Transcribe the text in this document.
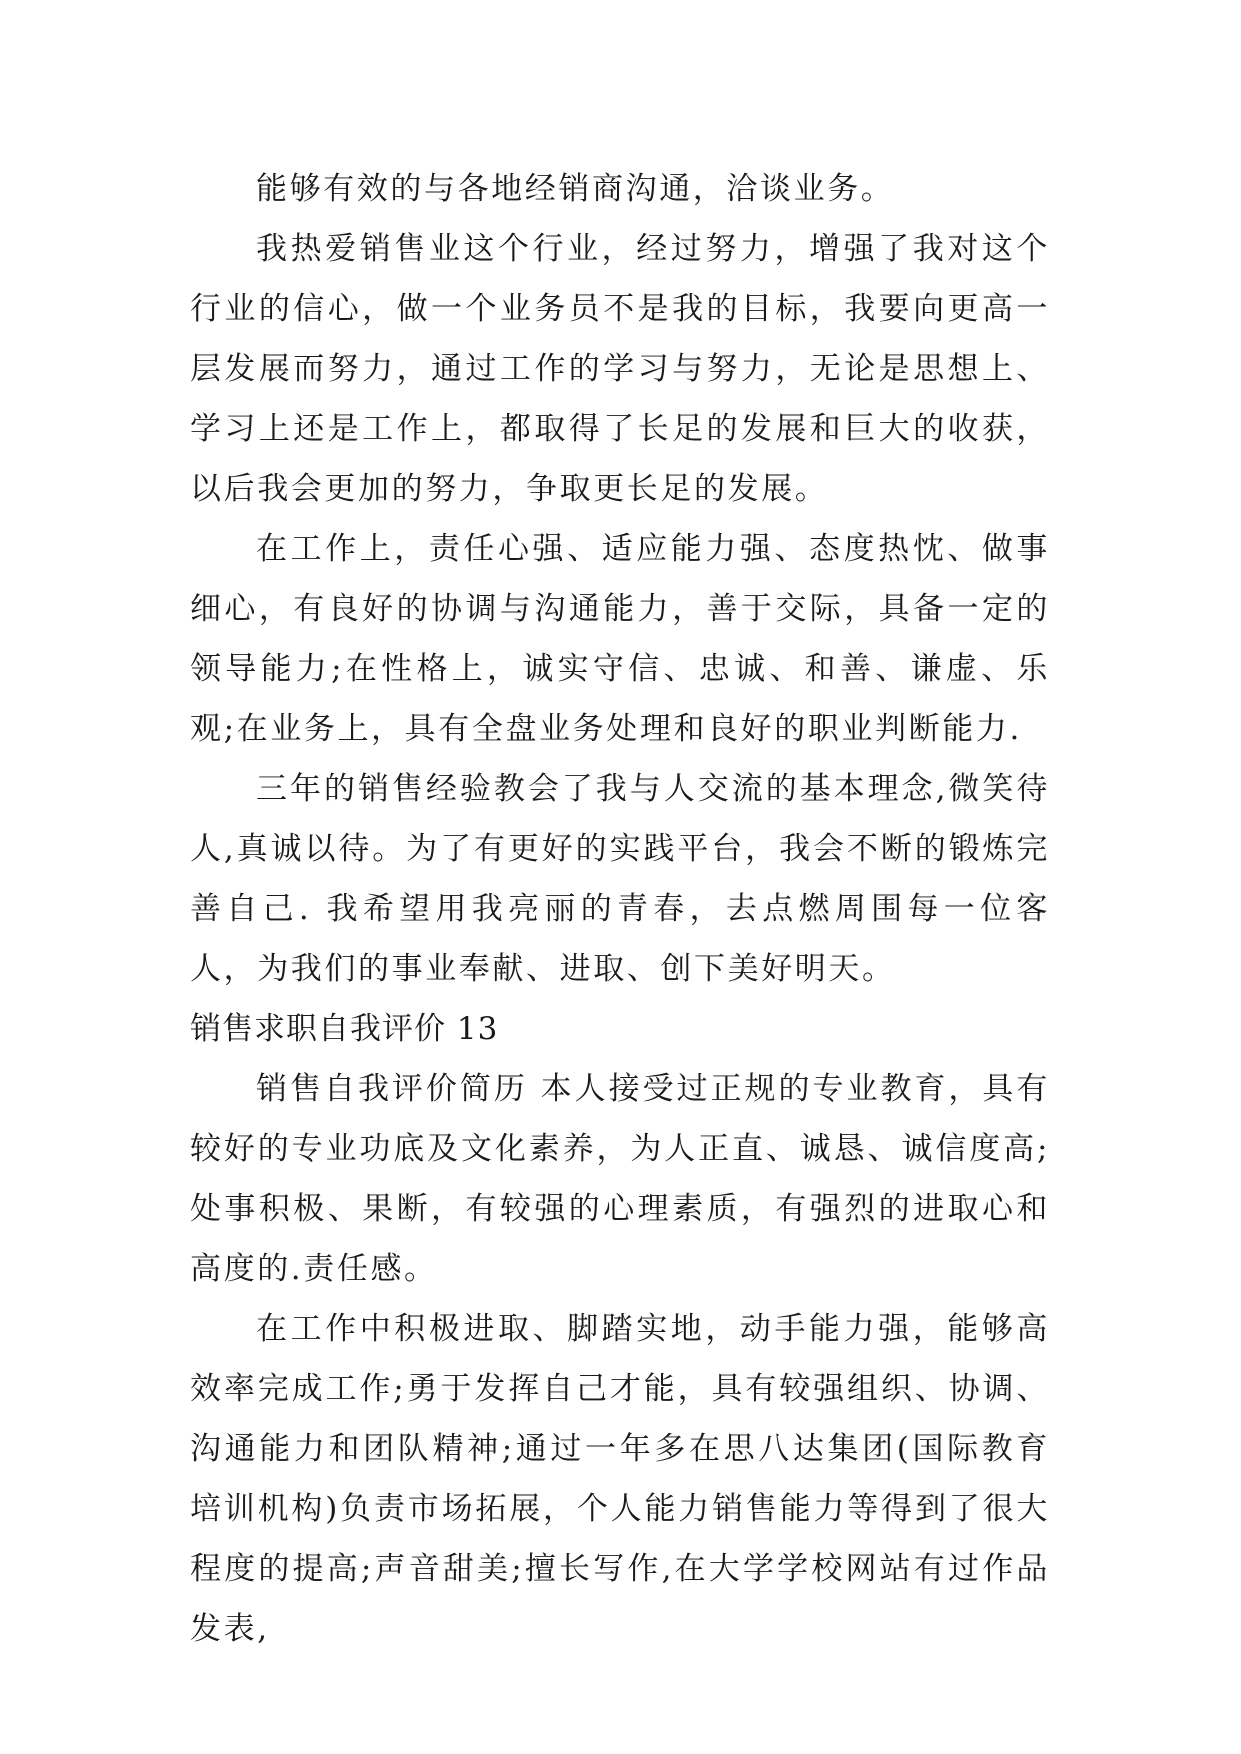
能够有效的与各地经销商沟通，洽谈业务。

我热爱销售业这个行业，经过努力，增强了我对这个行业的信心，做一个业务员不是我的目标，我要向更高一层发展而努力，通过工作的学习与努力，无论是思想上、学习上还是工作上，都取得了长足的发展和巨大的收获，以后我会更加的努力，争取更长足的发展。

在工作上，责任心强、适应能力强、态度热忱、做事细心，有良好的协调与沟通能力，善于交际，具备一定的领导能力;在性格上，诚实守信、忠诚、和善、谦虚、乐观;在业务上，具有全盘业务处理和良好的职业判断能力.

三年的销售经验教会了我与人交流的基本理念,微笑待人,真诚以待。为了有更好的实践平台，我会不断的锻炼完善自己. 我希望用我亮丽的青春，去点燃周围每一位客人，为我们的事业奉献、进取、创下美好明天。

销售求职自我评价 13

销售自我评价简历 本人接受过正规的专业教育，具有较好的专业功底及文化素养，为人正直、诚恳、诚信度高;处事积极、果断，有较强的心理素质，有强烈的进取心和高度的.责任感。

在工作中积极进取、脚踏实地，动手能力强，能够高效率完成工作;勇于发挥自己才能，具有较强组织、协调、沟通能力和团队精神;通过一年多在思八达集团(国际教育培训机构)负责市场拓展，个人能力销售能力等得到了很大程度的提高;声音甜美;擅长写作,在大学学校网站有过作品发表,
